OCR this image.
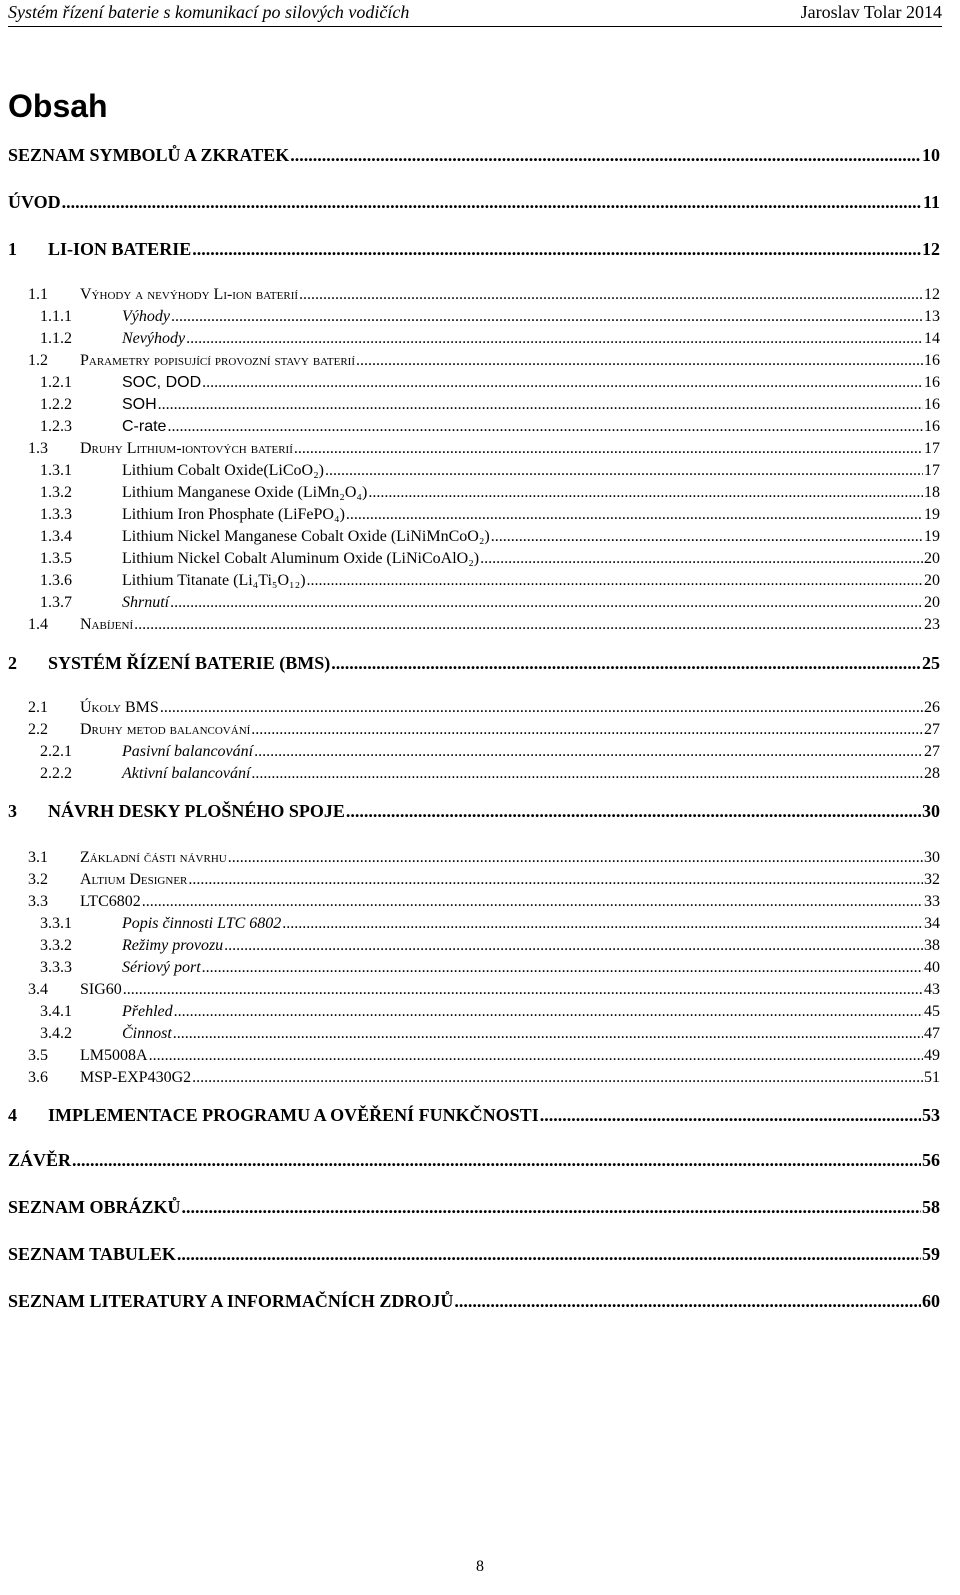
Systém řízení baterie s komunikací po silových vodičích	Jaroslav Tolar 2014
Obsah
SEZNAM SYMBOLŮ A ZKRATEK .....	10
ÚVOD .....	11
1	LI-ION BATERIE .....	12
1.1	Výhody a nevýhody Li-ion baterií .....	12
1.1.1	Výhody .....	13
1.1.2	Nevýhody .....	14
1.2	Parametry popisující provozní stavy baterií .....	16
1.2.1	SOC, DOD .....	16
1.2.2	SOH .....	16
1.2.3	C-rate .....	16
1.3	Druhy Lithium-iontových baterií .....	17
1.3.1	Lithium Cobalt Oxide(LiCoO₂) .....	17
1.3.2	Lithium Manganese Oxide (LiMn₂O₄) .....	18
1.3.3	Lithium Iron Phosphate (LiFePO₄) .....	19
1.3.4	Lithium Nickel Manganese Cobalt Oxide (LiNiMnCoO₂) .....	19
1.3.5	Lithium Nickel Cobalt Aluminum Oxide (LiNiCoAlO₂) .....	20
1.3.6	Lithium Titanate (Li₄Ti₅O₁₂) .....	20
1.3.7	Shrnutí .....	20
1.4	Nabíjení .....	23
2	SYSTÉM ŘÍZENÍ BATERIE (BMS) .....	25
2.1	Úkoly BMS .....	26
2.2	Druhy metod balancování .....	27
2.2.1	Pasivní balancování .....	27
2.2.2	Aktivní balancování .....	28
3	NÁVRH DESKY PLOŠNÉHO SPOJE .....	30
3.1	Základní části návrhu .....	30
3.2	Altium Designer .....	32
3.3	LTC6802 .....	33
3.3.1	Popis činnosti LTC 6802 .....	34
3.3.2	Režimy provozu .....	38
3.3.3	Sériový port .....	40
3.4	SIG60 .....	43
3.4.1	Přehled .....	45
3.4.2	Činnost .....	47
3.5	LM5008A .....	49
3.6	MSP-EXP430G2 .....	51
4	IMPLEMENTACE PROGRAMU A OVĚŘENÍ FUNKČNOSTI .....	53
ZÁVĚR .....	56
SEZNAM OBRÁZKŮ .....	58
SEZNAM TABULEK .....	59
SEZNAM LITERATURY A INFORMAČNÍCH ZDROJŮ .....	60
8
